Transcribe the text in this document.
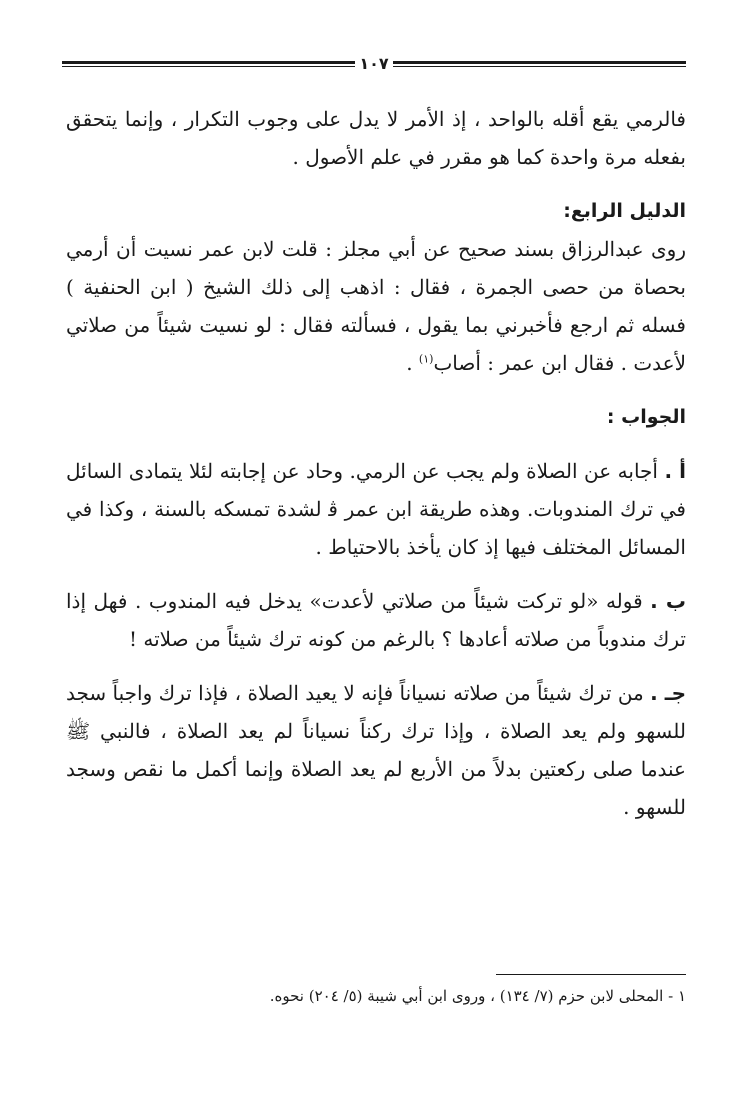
١٠٧

فالرمي يقع أقله بالواحد ، إذ الأمر لا يدل على وجوب التكرار ، وإنما يتحقق بفعله مرة واحدة كما هو مقرر في علم الأصول .

الدليل الرابع:

روى عبدالرزاق بسند صحيح عن أبي مجلز : قلت لابن عمر نسيت أن أرمي بحصاة من حصى الجمرة ، فقال : اذهب إلى ذلك الشيخ ( ابن الحنفية ) فسله ثم ارجع فأخبرني بما يقول ، فسألته فقال : لو نسيت شيئاً من صلاتي لأعدت . فقال ابن عمر : أصاب$^{(١)}$ .

الجواب :

أ . أجابه عن الصلاة ولم يجب عن الرمي. وحاد عن إجابته لئلا يتمادى السائل في ترك المندوبات. وهذه طريقة ابن عمر ﭬ لشدة تمسكه بالسنة ، وكذا في المسائل المختلف فيها إذ كان يأخذ بالاحتياط .

ب . قوله «لو تركت شيئاً من صلاتي لأعدت» يدخل فيه المندوب . فهل إذا ترك مندوباً من صلاته أعادها ؟ بالرغم من كونه ترك شيئاً من صلاته !

جـ . من ترك شيئاً من صلاته نسياناً فإنه لا يعيد الصلاة ، فإذا ترك واجباً سجد للسهو ولم يعد الصلاة ، وإذا ترك ركناً نسياناً لم يعد الصلاة ، فالنبي ﷺ عندما صلى ركعتين بدلاً من الأربع لم يعد الصلاة وإنما أكمل ما نقص وسجد للسهو .

١ - المحلى لابن حزم (٧/ ١٣٤) ، وروى ابن أبي شيبة (٥/ ٢٠٤) نحوه.
